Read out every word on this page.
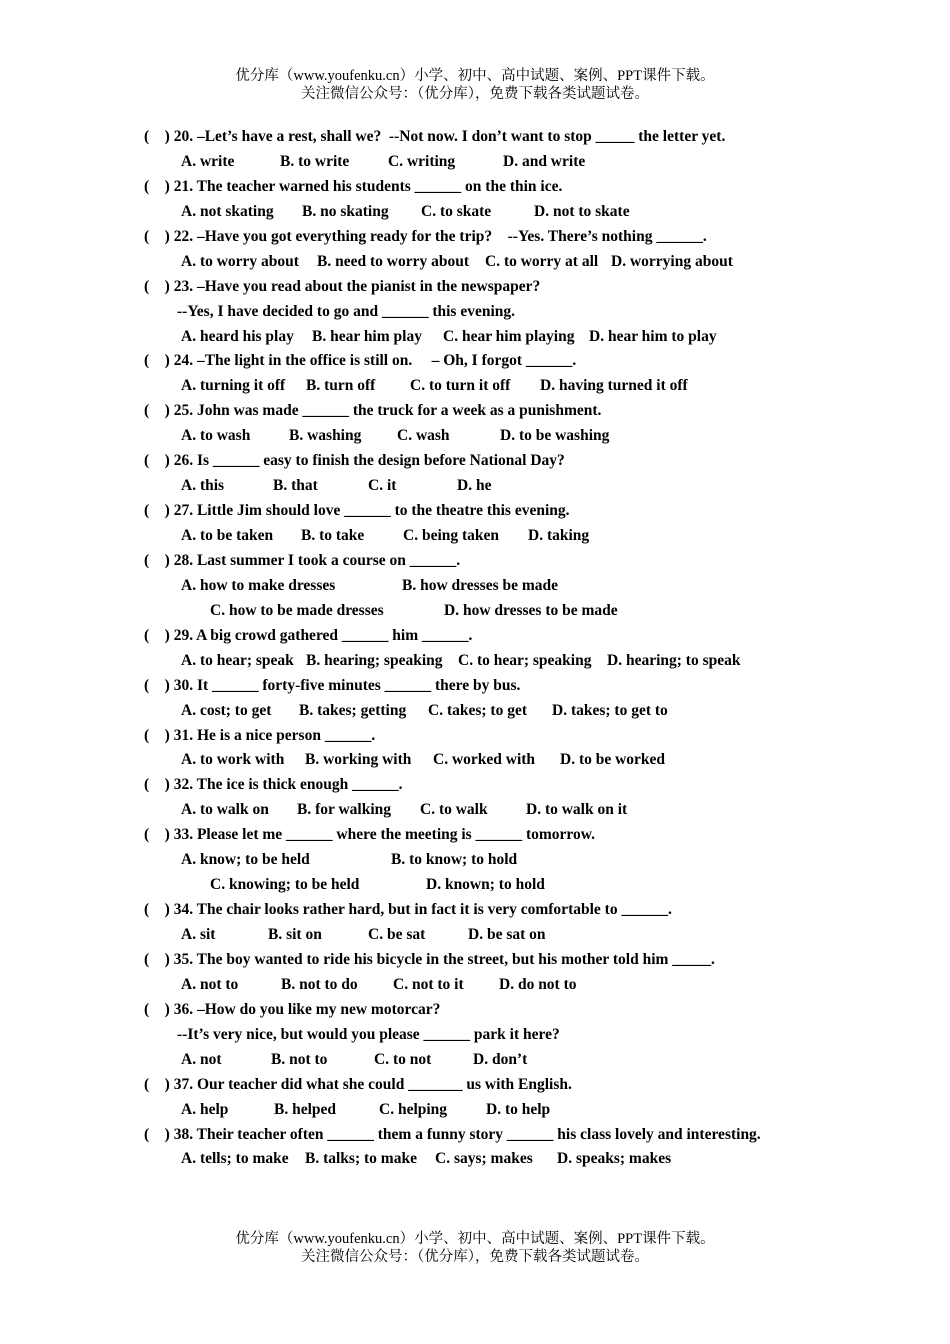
优分库（www.youfenku.cn）小学、初中、高中试题、案例、PPT课件下载。
关注微信公众号：（优分库），免费下载各类试题试卷。
(    ) 20. –Let’s have a rest, shall we?  --Not now. I don’t want to stop _____ the letter yet.
A. write	B. to write C. writing	D. and write
(    ) 21. The teacher warned his students ______ on the thin ice.
A. not skating B. no skating C. to skate	D. not to skate
(    ) 22. –Have you got everything ready for the trip?    --Yes. There’s nothing ______.
A. to worry about B. need to worry about C. to worry at all D. worrying about
(    ) 23. –Have you read about the pianist in the newspaper?
--Yes, I have decided to go and ______ this evening.
A. heard his play B. hear him play C. hear him playing D. hear him to play
(    ) 24. –The light in the office is still on.     – Oh, I forgot ______.
A. turning it off B. turn off C. to turn it off D. having turned it off
(    ) 25. John was made ______ the truck for a week as a punishment.
A. to wash B. washing C. wash	D. to be washing
(    ) 26. Is ______ easy to finish the design before National Day?
A. this	B. that	C. it	D. he
(    ) 27. Little Jim should love ______ to the theatre this evening.
A. to be taken B. to take C. being taken D. taking
(    ) 28. Last summer I took a course on ______.
A. how to make dresses	B. how dresses be made
C. how to be made dresses	D. how dresses to be made
(    ) 29. A big crowd gathered ______ him ______.
A. to hear; speak B. hearing; speaking C. to hear; speaking D. hearing; to speak
(    ) 30. It ______ forty-five minutes ______ there by bus.
A. cost; to get B. takes; getting C. takes; to get D. takes; to get to
(    ) 31. He is a nice person ______.
A. to work with B. working with C. worked with D. to be worked
(    ) 32. The ice is thick enough ______.
A. to walk on B. for walking C. to walk D. to walk on it
(    ) 33. Please let me ______ where the meeting is ______ tomorrow.
A. know; to be held	B. to know; to hold
C. knowing; to be held	D. known; to hold
(    ) 34. The chair looks rather hard, but in fact it is very comfortable to ______.
A. sit	B. sit on	C. be sat	D. be sat on
(    ) 35. The boy wanted to ride his bicycle in the street, but his mother told him _____.
A. not to	B. not to do C. not to it D. do not to
(    ) 36. –How do you like my new motorcar?
--It’s very nice, but would you please ______ park it here?
A. not	B. not to	C. to not	D. don’t
(    ) 37. Our teacher did what she could _______ us with English.
A. help	B. helped	C. helping	D. to help
(    ) 38. Their teacher often ______ them a funny story ______ his class lovely and interesting.
A. tells; to make B. talks; to make C. says; makes D. speaks; makes
优分库（www.youfenku.cn）小学、初中、高中试题、案例、PPT课件下载。
关注微信公众号：（优分库），免费下载各类试题试卷。
